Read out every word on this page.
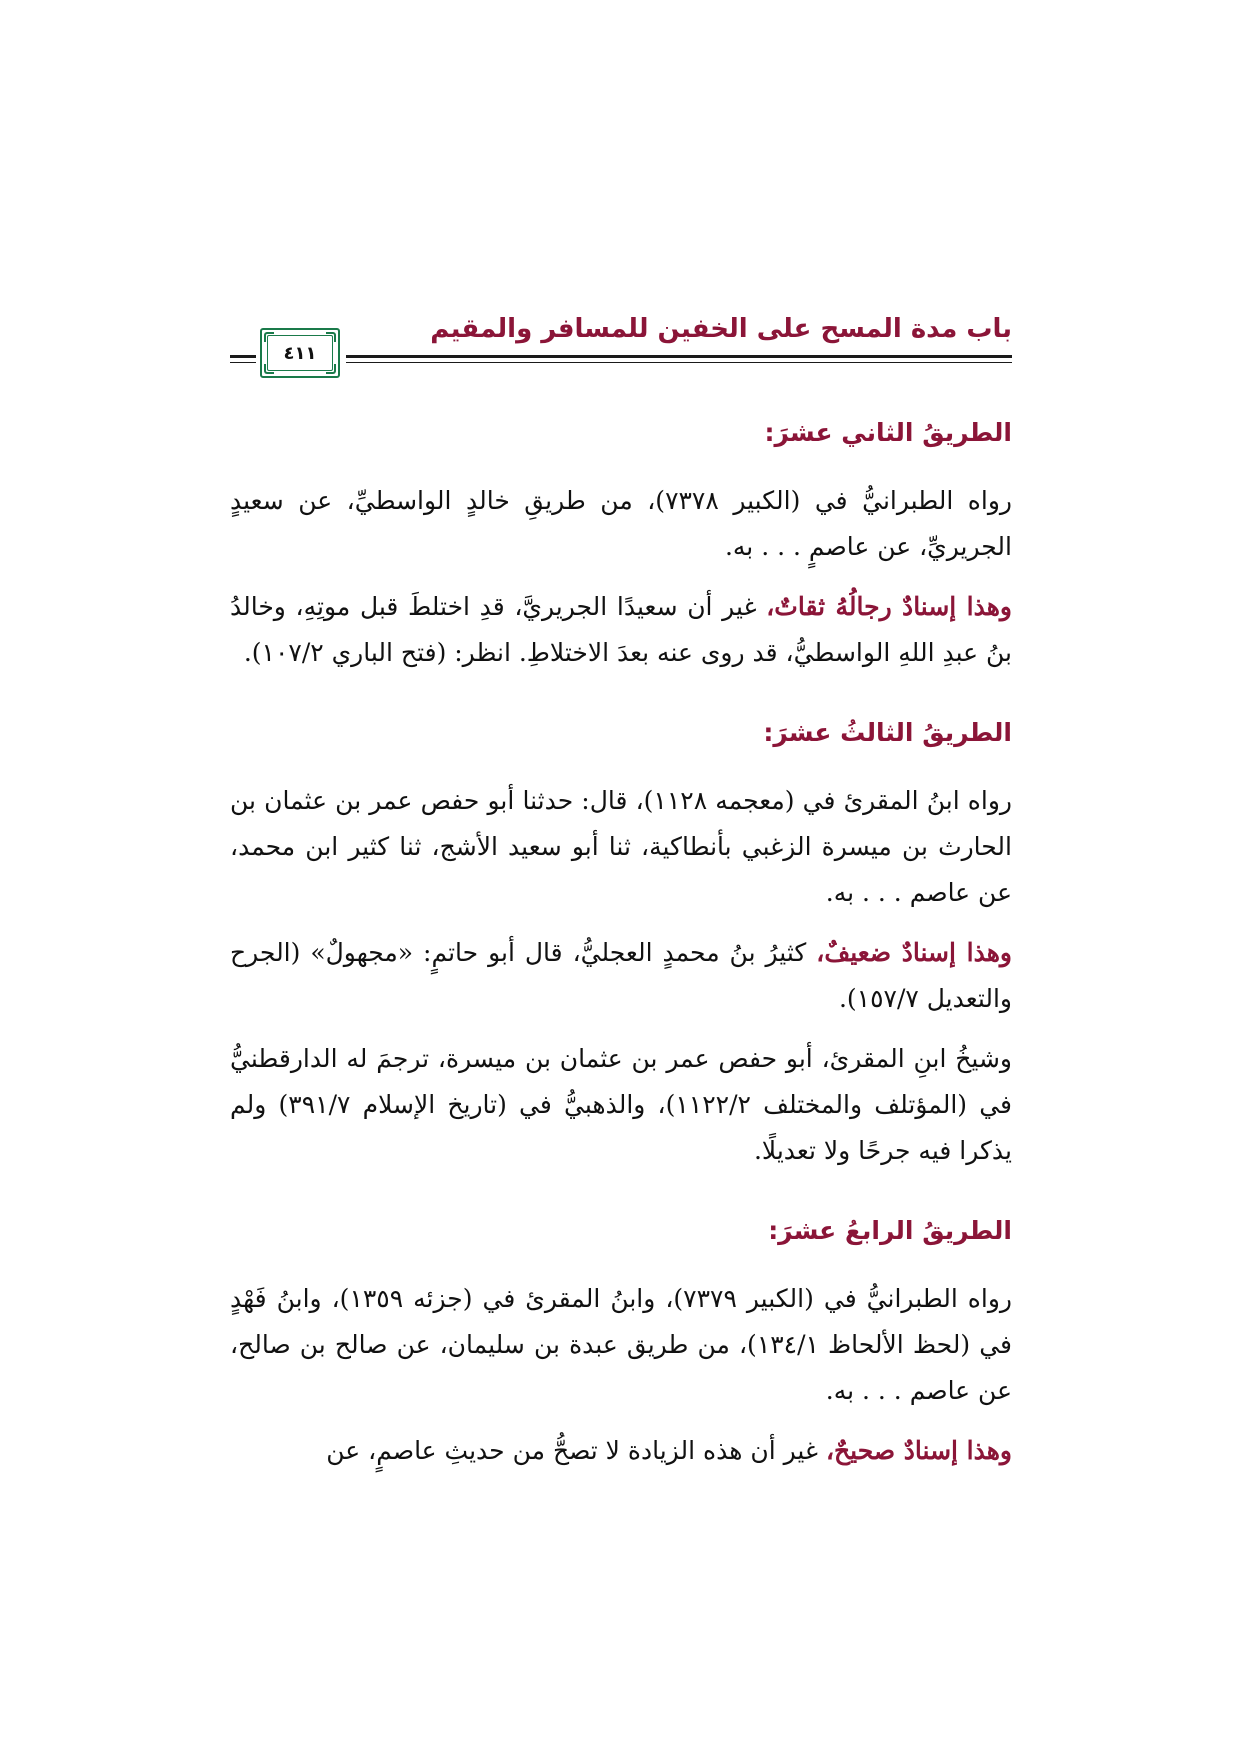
باب مدة المسح على الخفين للمسافر والمقيم
٤١١
الطريقُ الثاني عشرَ:

رواه الطبرانيُّ في (الكبير ٧٣٧٨)، من طريقِ خالدٍ الواسطيِّ، عن سعيدٍ الجريريِّ، عن عاصمٍ . . . به.

وهذا إسنادٌ رجالُهُ ثقاتٌ، غير أن سعيدًا الجريريَّ، قدِ اختلطَ قبل موتِهِ، وخالدُ بنُ عبدِ اللهِ الواسطيُّ، قد روى عنه بعدَ الاختلاطِ. انظر: (فتح الباري ١٠٧/٢).

الطريقُ الثالثُ عشرَ:

رواه ابنُ المقرئ في (معجمه ١١٢٨)، قال: حدثنا أبو حفص عمر بن عثمان بن الحارث بن ميسرة الزغبي بأنطاكية، ثنا أبو سعيد الأشج، ثنا كثير ابن محمد، عن عاصم . . . به.

وهذا إسنادٌ ضعيفٌ، كثيرُ بنُ محمدٍ العجليُّ، قال أبو حاتمٍ: «مجهولٌ» (الجرح والتعديل ١٥٧/٧).

وشيخُ ابنِ المقرئ، أبو حفص عمر بن عثمان بن ميسرة، ترجمَ له الدارقطنيُّ في (المؤتلف والمختلف ١١٢٢/٢)، والذهبيُّ في (تاريخ الإسلام ٣٩١/٧) ولم يذكرا فيه جرحًا ولا تعديلًا.

الطريقُ الرابعُ عشرَ:

رواه الطبرانيُّ في (الكبير ٧٣٧٩)، وابنُ المقرئ في (جزئه ١٣٥٩)، وابنُ فَهْدٍ في (لحظ الألحاظ ١٣٤/١)، من طريق عبدة بن سليمان، عن صالح بن صالح، عن عاصم . . . به.

وهذا إسنادٌ صحيحٌ، غير أن هذه الزيادة لا تصحُّ من حديثِ عاصمٍ، عن
